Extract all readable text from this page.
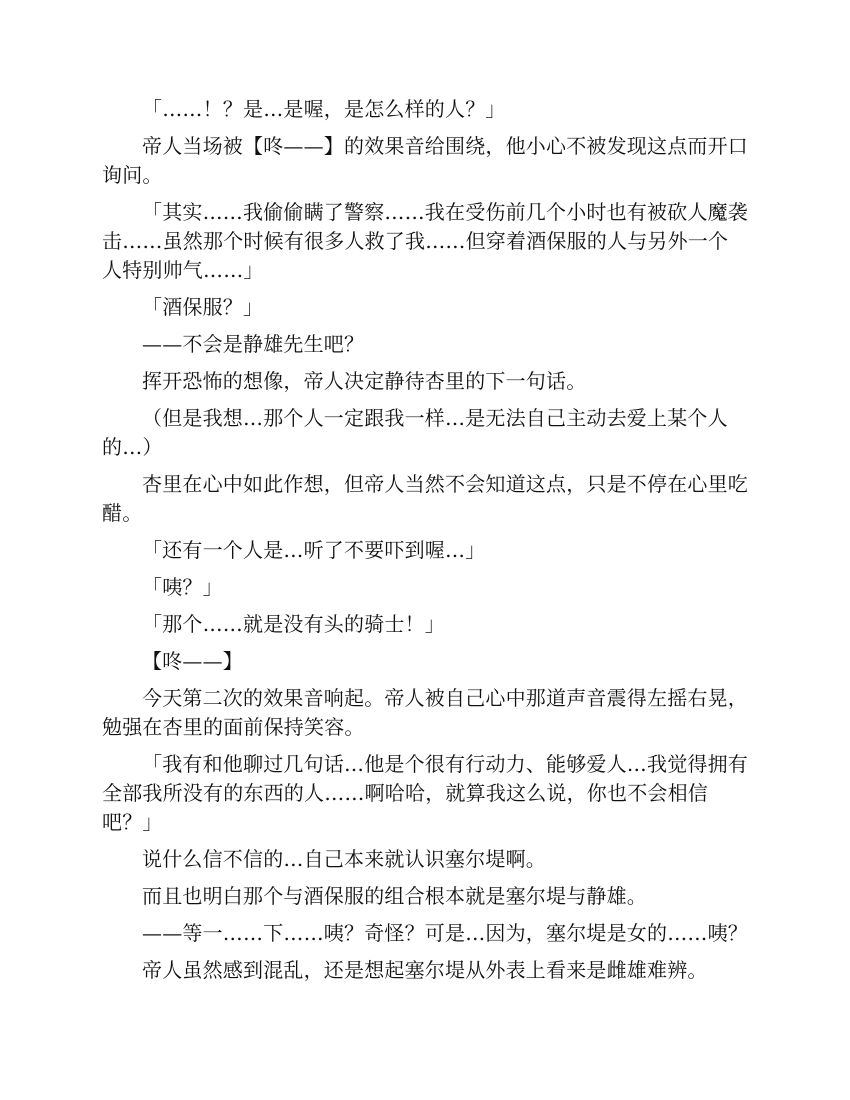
「……！？是…是喔，是怎么样的人？」

帝人当场被【咚——】的效果音给围绕，他小心不被发现这点而开口询问。

「其实……我偷偷瞒了警察……我在受伤前几个小时也有被砍人魔袭击……虽然那个时候有很多人救了我……但穿着酒保服的人与另外一个人特别帅气……」

「酒保服？」

——不会是静雄先生吧？

挥开恐怖的想像，帝人决定静待杏里的下一句话。

（但是我想…那个人一定跟我一样…是无法自己主动去爱上某个人的…）

杏里在心中如此作想，但帝人当然不会知道这点，只是不停在心里吃醋。

「还有一个人是…听了不要吓到喔…」

「咦？」

「那个……就是没有头的骑士！」

【咚——】

今天第二次的效果音响起。帝人被自己心中那道声音震得左摇右晃，勉强在杏里的面前保持笑容。

「我有和他聊过几句话…他是个很有行动力、能够爱人…我觉得拥有全部我所没有的东西的人……啊哈哈，就算我这么说，你也不会相信吧？」

说什么信不信的…自己本来就认识塞尔堤啊。

而且也明白那个与酒保服的组合根本就是塞尔堤与静雄。

——等一……下……咦？奇怪？可是…因为，塞尔堤是女的……咦？

帝人虽然感到混乱，还是想起塞尔堤从外表上看来是雌雄难辨。
